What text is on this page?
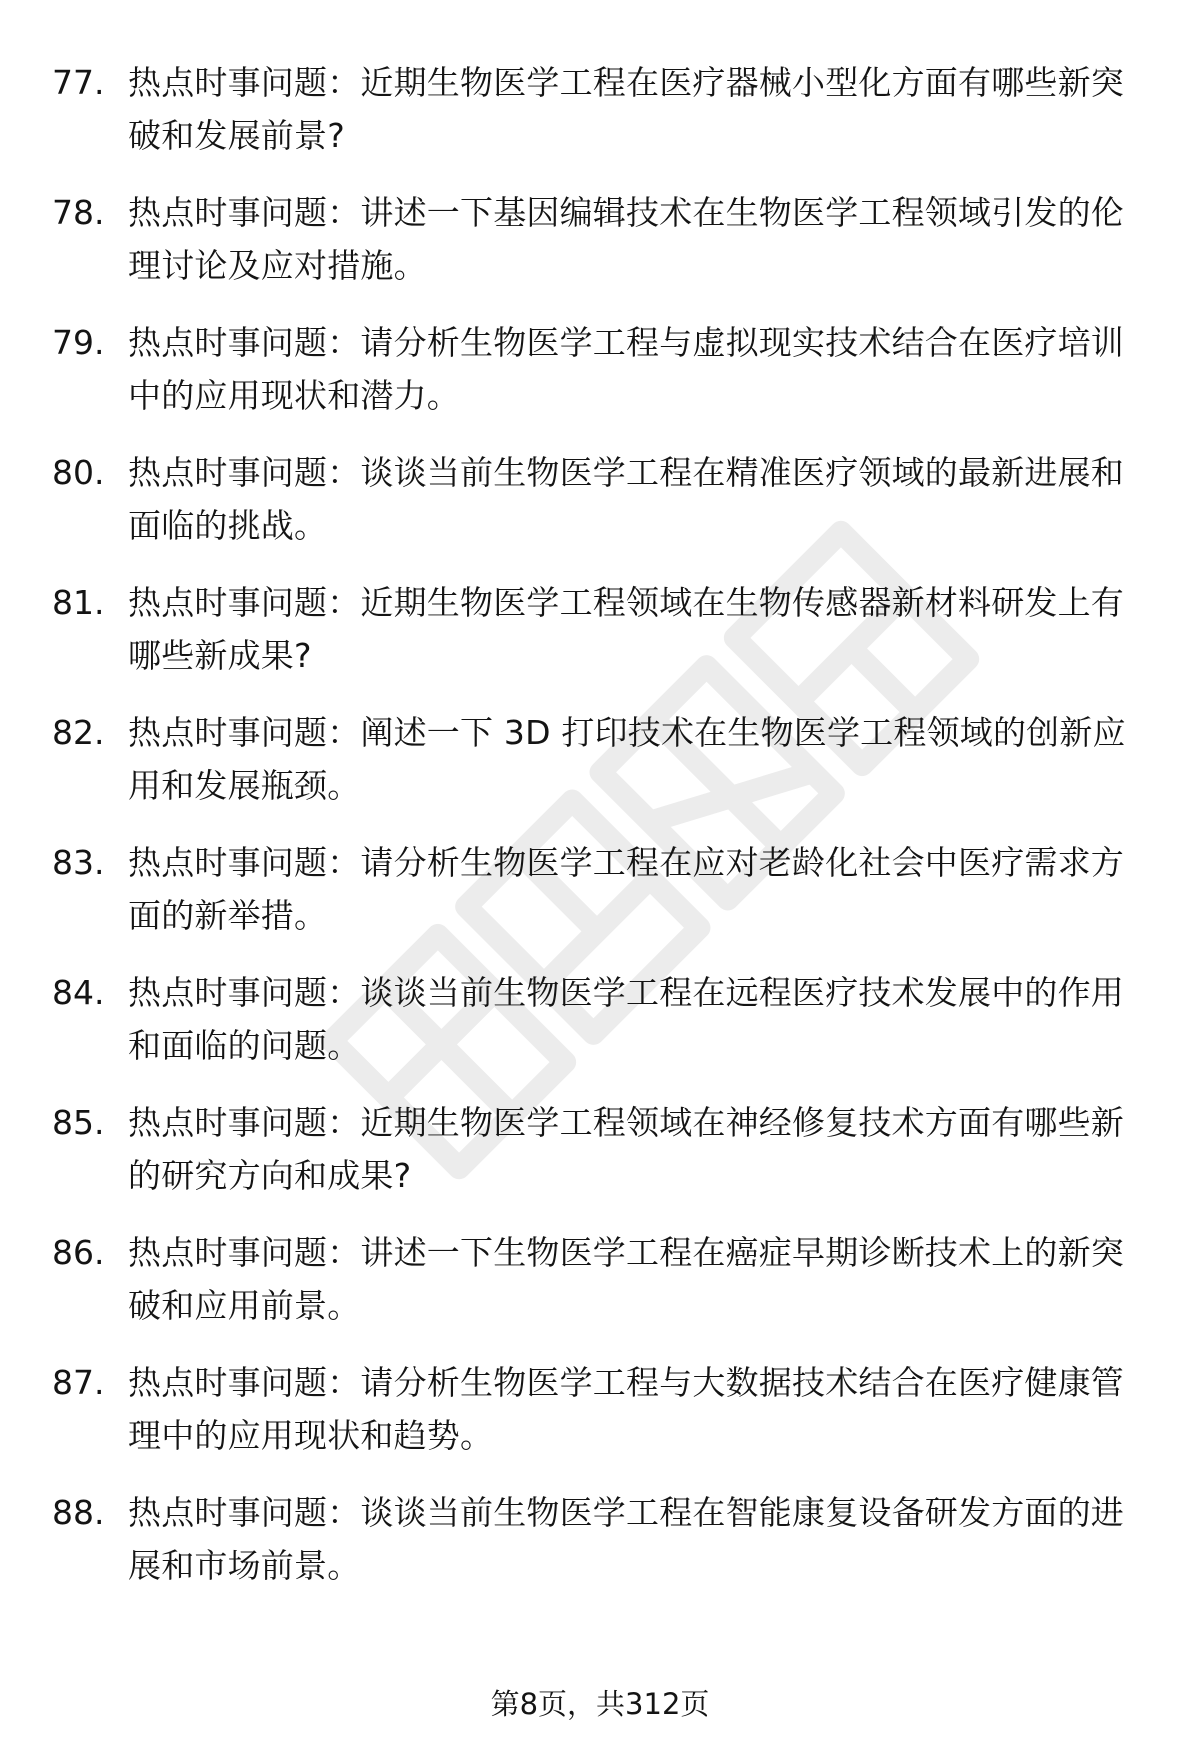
77. 热点时事问题：近期生物医学工程在医疗器械小型化方面有哪些新突破和发展前景?
78. 热点时事问题：讲述一下基因编辑技术在生物医学工程领域引发的伦理讨论及应对措施。
79. 热点时事问题：请分析生物医学工程与虚拟现实技术结合在医疗培训中的应用现状和潜力。
80. 热点时事问题：谈谈当前生物医学工程在精准医疗领域的最新进展和面临的挑战。
81. 热点时事问题：近期生物医学工程领域在生物传感器新材料研发上有哪些新成果?
82. 热点时事问题：阐述一下 3D 打印技术在生物医学工程领域的创新应用和发展瓶颈。
83. 热点时事问题：请分析生物医学工程在应对老龄化社会中医疗需求方面的新举措。
84. 热点时事问题：谈谈当前生物医学工程在远程医疗技术发展中的作用和面临的问题。
85. 热点时事问题：近期生物医学工程领域在神经修复技术方面有哪些新的研究方向和成果?
86. 热点时事问题：讲述一下生物医学工程在癌症早期诊断技术上的新突破和应用前景。
87. 热点时事问题：请分析生物医学工程与大数据技术结合在医疗健康管理中的应用现状和趋势。
88. 热点时事问题：谈谈当前生物医学工程在智能康复设备研发方面的进展和市场前景。
第8页，共312页
